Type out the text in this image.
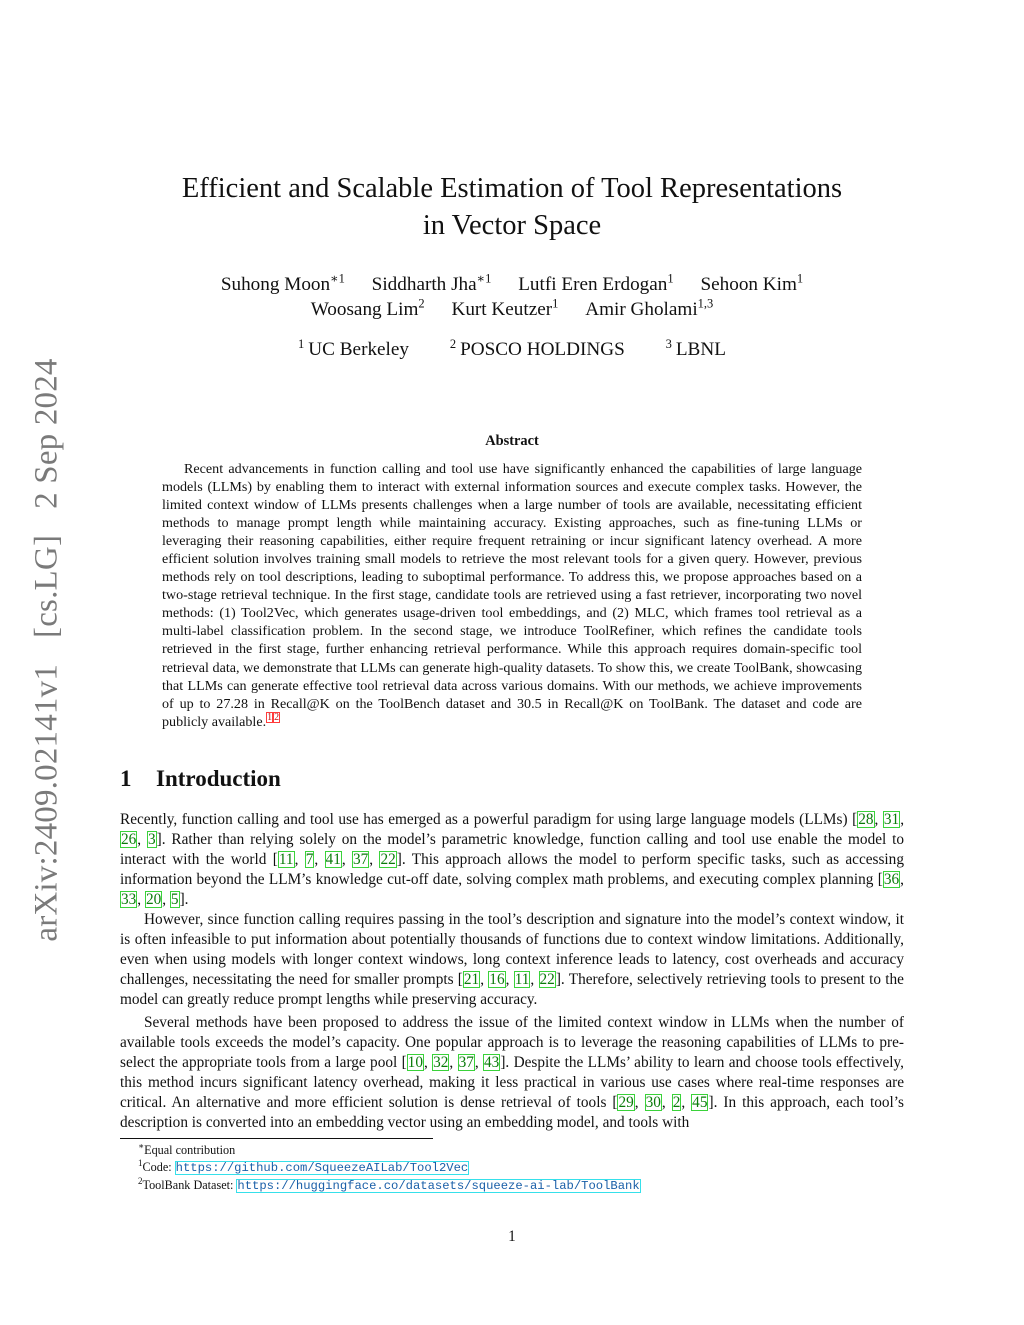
arXiv:2409.02141v1[cs.LG]2 Sep 2024
Efficient and Scalable Estimation of Tool Representations
in Vector Space
Suhong Moon$^{∗1}$ Siddharth Jha$^{∗1}$ Lutfi Eren Erdogan$^1$ Sehoon Kim$^1$
Woosang Lim$^2$ Kurt Keutzer$^1$ Amir Gholami$^{1,3}$
$^1$ UC Berkeley	$^2$ POSCO HOLDINGS	$^3$ LBNL
Abstract
Recent advancements in function calling and tool use have significantly enhanced the capabilities of large language models (LLMs) by enabling them to interact with external information sources and execute complex tasks. However, the limited context window of LLMs presents challenges when a large number of tools are available, necessitating efficient methods to manage prompt length while maintaining accuracy. Existing approaches, such as fine-tuning LLMs or leveraging their reasoning capabilities, either require frequent retraining or incur significant latency overhead. A more efficient solution involves training small models to retrieve the most relevant tools for a given query. However, previous methods rely on tool descriptions, leading to suboptimal performance. To address this, we propose approaches based on a two-stage retrieval technique. In the first stage, candidate tools are retrieved using a fast retriever, incorporating two novel methods: (1) Tool2Vec, which generates usage-driven tool embeddings, and (2) MLC, which frames tool retrieval as a multi-label classification problem. In the second stage, we introduce ToolRefiner, which refines the candidate tools retrieved in the first stage, further enhancing retrieval performance. While this approach requires domain-specific tool retrieval data, we demonstrate that LLMs can generate high-quality datasets. To show this, we create ToolBank, showcasing that LLMs can generate effective tool retrieval data across various domains. With our methods, we achieve improvements of up to 27.28 in Recall@K on the ToolBench dataset and 30.5 in Recall@K on ToolBank. The dataset and code are publicly available.$^1$ $^2$
1 Introduction

Recently, function calling and tool use has emerged as a powerful paradigm for using large language models (LLMs) [28, 31, 26, 3]. Rather than relying solely on the model’s parametric knowledge, function calling and tool use enable the model to interact with the world [11, 7, 41, 37, 22]. This approach allows the model to perform specific tasks, such as accessing information beyond the LLM’s knowledge cut-off date, solving complex math problems, and executing complex planning [36, 33, 20, 5].

However, since function calling requires passing in the tool’s description and signature into the model’s context window, it is often infeasible to put information about potentially thousands of functions due to context window limitations. Additionally, even when using models with longer context windows, long context inference leads to latency, cost overheads and accuracy challenges, necessitating the need for smaller prompts [21, 16, 11, 22]. Therefore, selectively retrieving tools to present to the model can greatly reduce prompt lengths while preserving accuracy.

Several methods have been proposed to address the issue of the limited context window in LLMs when the number of available tools exceeds the model’s capacity. One popular approach is to leverage the reasoning capabilities of LLMs to pre-select the appropriate tools from a large pool [10, 32, 37, 43]. Despite the LLMs’ ability to learn and choose tools effectively, this method incurs significant latency overhead, making it less practical in various use cases where real-time responses are critical. An alternative and more efficient solution is dense retrieval of tools [29, 30, 2, 45]. In this approach, each tool’s description is converted into an embedding vector using an embedding model, and tools with

∗Equal contribution
$^1$Code: https://github.com/SqueezeAILab/Tool2Vec
$^2$ToolBank Dataset: https://huggingface.co/datasets/squeeze-ai-lab/ToolBank
1
